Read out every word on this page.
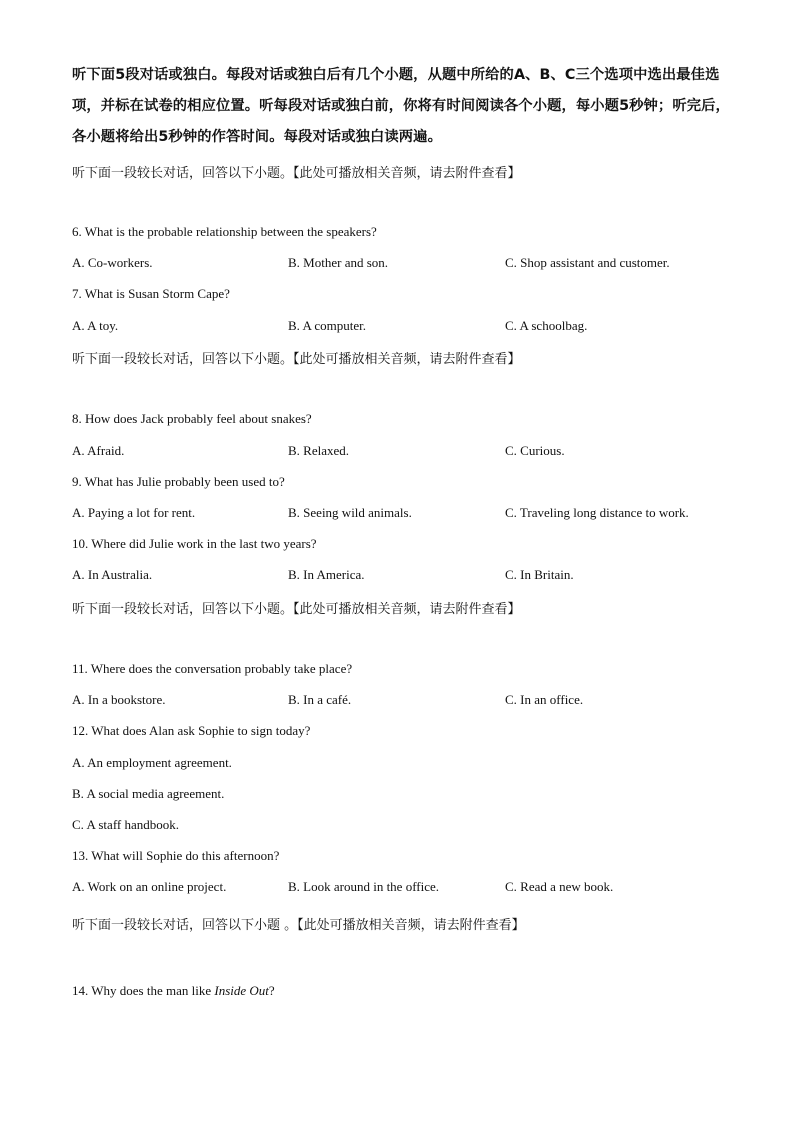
听下面5段对话或独白。每段对话或独白后有几个小题，从题中所给的A、B、C三个选项中选出最佳选项，并标在试卷的相应位置。听每段对话或独白前，你将有时间阅读各个小题，每小题5秒钟；听完后，各小题将给出5秒钟的作答时间。每段对话或独白读两遍。
听下面一段较长对话，回答以下小题。【此处可播放相关音频，请去附件查看】
6. What is the probable relationship between the speakers?
A. Co-workers.	B. Mother and son.	C. Shop assistant and customer.
7. What is Susan Storm Cape?
A. A toy.	B. A computer.	C. A schoolbag.
听下面一段较长对话，回答以下小题。【此处可播放相关音频，请去附件查看】
8. How does Jack probably feel about snakes?
A. Afraid.	B. Relaxed.	C. Curious.
9. What has Julie probably been used to?
A. Paying a lot for rent.	B. Seeing wild animals.	C. Traveling long distance to work.
10. Where did Julie work in the last two years?
A. In Australia.	B. In America.	C. In Britain.
听下面一段较长对话，回答以下小题。【此处可播放相关音频，请去附件查看】
11. Where does the conversation probably take place?
A. In a bookstore.	B. In a café.	C. In an office.
12. What does Alan ask Sophie to sign today?
A. An employment agreement.
B. A social media agreement.
C. A staff handbook.
13. What will Sophie do this afternoon?
A. Work on an online project.	B. Look around in the office.	C. Read a new book.
听下面一段较长对话，回答以下小题 。【此处可播放相关音频，请去附件查看】
14. Why does the man like Inside Out?
